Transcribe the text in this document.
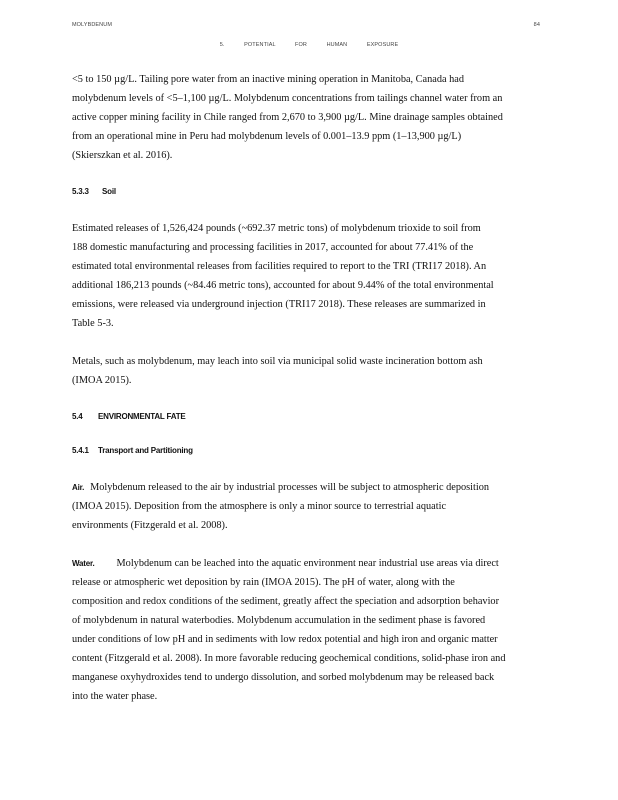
MOLYBDENUM	84
5. POTENTIAL FOR HUMAN EXPOSURE

<5 to 150 µg/L. Tailing pore water from an inactive mining operation in Manitoba, Canada had

molybdenum levels of <5–1,100 µg/L. Molybdenum concentrations from tailings channel water from an

active copper mining facility in Chile ranged from 2,670 to 3,900 µg/L. Mine drainage samples obtained

from an operational mine in Peru had molybdenum levels of 0.001–13.9 ppm (1–13,900 µg/L)

(Skierszkan et al. 2016).

5.3.3 Soil

Estimated releases of 1,526,424 pounds (~692.37 metric tons) of molybdenum trioxide to soil from

188 domestic manufacturing and processing facilities in 2017, accounted for about 77.41% of the

estimated total environmental releases from facilities required to report to the TRI (TRI17 2018). An

additional 186,213 pounds (~84.46 metric tons), accounted for about 9.44% of the total environmental

emissions, were released via underground injection (TRI17 2018). These releases are summarized in

Table 5-3.

Metals, such as molybdenum, may leach into soil via municipal solid waste incineration bottom ash

(IMOA 2015).

5.4 ENVIRONMENTAL FATE
5.4.1 Transport and Partitioning

Air. Molybdenum released to the air by industrial processes will be subject to atmospheric deposition

(IMOA 2015). Deposition from the atmosphere is only a minor source to terrestrial aquatic

environments (Fitzgerald et al. 2008).

Water. Molybdenum can be leached into the aquatic environment near industrial use areas via direct

release or atmospheric wet deposition by rain (IMOA 2015). The pH of water, along with the

composition and redox conditions of the sediment, greatly affect the speciation and adsorption behavior

of molybdenum in natural waterbodies. Molybdenum accumulation in the sediment phase is favored

under conditions of low pH and in sediments with low redox potential and high iron and organic matter

content (Fitzgerald et al. 2008). In more favorable reducing geochemical conditions, solid-phase iron and

manganese oxyhydroxides tend to undergo dissolution, and sorbed molybdenum may be released back

into the water phase.
